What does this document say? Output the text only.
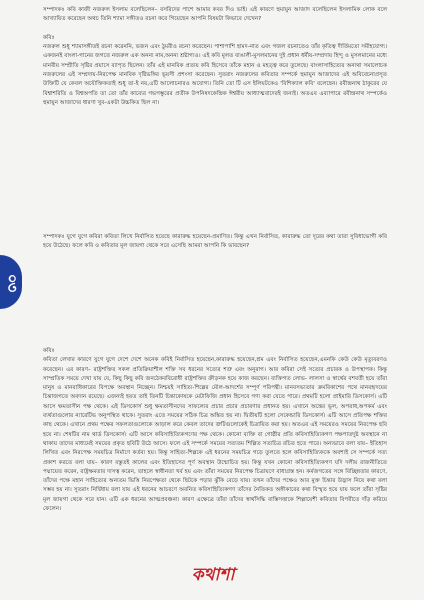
সম্পাদকঃ কবি কাজী নজরুল ইসলাম বলেছিলেন– বসরিদের পাশে আমার কবর দিও ভাই। এই কারণে হুমায়ুন আজাদ বলেছিলেন ইসলামিক লোক বলে আখ্যায়িত করেছেন অথচ তিনি শ্যামা সঙ্গীতও রচনা করে গিয়েছেন আপনি বিষয়টা কিভাবে দেখেন?

কবিঃ

নজরুল শুধু শ্যামাসঙ্গীতই রচনা করেননি, ভজন এবং ঠুমরীও রচনা করেছেন। পাশাপাশি হামদ-নাত এবং গজল রচনাতেও তাঁর কৃতিত্ব দীর্তিমতো সমীহযোগ্য। একজনই বাংলা-গানের জগতে নজরুল এক অনন্য নাম,অনন্য শ্রষ্টাগ্যও। এই কবি মূলত বাঙালী-মুসলমানের দুই প্রধান ধর্মীয়-সম্প্রদায় হিন্দু ও মুসলমানের মধ্যে মানবীয় সম্প্রীতি সৃষ্টির প্রয়াসে ব্যাপৃত ছিলেন। তাঁর এই মানবিক প্রত্যয় কবি হিসেবে তাঁকে মহান ও মহত্ত্ব করে তুলেছে। বাংলাসাহিত্যের অন্যথা সমালোচক নজরুলের এই সম্প্রদায়-নিরপেক্ষ মানবিক দৃষ্টিভঙ্গির ভূয়সী প্রশংসা করেছেন। সুতরাং নজরুলের কবিতার সম্পর্কে হুমায়ুন আজাদের এই অবিবেচনাপ্রসূত উক্তিটি যে কেবল অযৌক্তিকতাই শুধু তা-ই নয়,এটি আলোচনারও অযোগ্য। তিনি তো টি এস ইলিয়টকেও 'বিশিক্যাল কবি' বলেছেন। রবীন্দ্রনাথ ঠাকুরের যে বিশ্বাশরিতি ও বিশ্বঅপতি তা তো তাঁর কাব্যের গভগম্ভুরের প্রতীক উপনিষদকেন্দ্রিক ঈশ্বরীয় আধ্যাত্মবাদেরই জন্যই। অতএব এব্যাপারে রবীন্দ্রনাথ সম্পর্কেও হুমায়ুন আজাদের ধারণা খুব-একটা উচ্চকিত ছিল না।

সম্পাদকঃ যুগে যুগে কবিরা কবিতা লিখে নির্বাসিত হয়েছে কারারুদ্ধ হয়েছেন-প্রমাণিত। কিন্তু এখন নির্বাসিত, কারারুদ্ধ তো দূরের কথা তারা সুবিধাভোগী কবি হয়ে উঠেছে। ফলে কবি ও কবিতার মূল জায়গা থেকে সরে এসেছি আমরা আপনি কি ভাবছেন?

০৩

কবিঃ

কবিতা লেখার কারণে যুগে যুগে দেশে দেশে অনেক কবিই নির্বাসিত হয়েছেন,কারারুদ্ধ হয়েছেন,শ্রম এবং নির্বাসিত হয়েছেন,এমনকি কেউ কেউ মৃত্যুবরণও করেছেন। এর কারণ– রাষ্ট্রশক্তির সকল প্রতিক্রিয়াশীল শক্তি সব ধরনের সত্যের শত্রু এবং অনুরাগ। আর কবিরা সেই সত্যের প্রচারক ও উপস্থাপক। কিন্তু সাম্প্রতিক সময়ে দেখা যায় যে, কিছু কিছু কবি জনঠেকববিরোধী রাষ্ট্রশক্তির ক্রীড়নক হয়ে কাজ করছেন। ব্যক্তিগত লোভ- লালসা ও স্বার্থের বশবর্তী হয়ে তাঁরা মানুষ ও মানবাধিকারের বিপক্ষে অবস্থান নিচ্ছেন। নিশ্চয়ই সাহিত্য-শিল্পের মৌল-আদর্শের সম্পূর্ণ পরিপন্থী। মানবসভ্যতার ক্রমবিকাশের পথে মানবহৃদয়ের চিন্তাজগতে অবদান রয়েছে। এজন্যই হয়ত তাই তিনটি চিন্তাকোষকে মেটাফিজি প্রধান হিসেবে গণ্য করা যেতে পারে। প্রথমটি হলো প্রাইমারি ডিসকোর্স। এটি আসে ক্ষমতাসীন পক্ষ থেকে। এই ডিসকোর্স শুধু ক্ষমতাসীনদের সাফল্যের প্রচার প্রচার প্রচারণার প্রধানত হয়। এখানে অন্ত্রের ভূল, অপরাধ,অপকর্ম এবং ব্যর্থতাগুলোর ন্যারেটিভ অনুপস্থিত থাকে। সুতরাং এতে সময়ের সঠিক চিত্র অঙ্কিত হয় না। দ্বিতীয়টি হলো সেকেন্ডারি ডিসকোর্স। এটি আসে প্রতিপক্ষ শক্তির কাছ থেকে। এখানে প্রথম পক্ষের সফলতাগুলোকে আড়াল করে কেবল তাদের ত্রুটিগুলোকেই চিত্রায়িত করা হয়। অতএব এই সময়েরও সময়ের নিরপেক্ষ ছবি হয়ে না। শেষটির নাম থার্ড ডিসকোর্স। এটি আসে কবিসাহিত্যিকগণের পক্ষ থেকে। কোনো ব্যক্তি বা গোষ্ঠীর প্রতি কবিসাহিত্যিকগণ পক্ষপাতদুষ্ট অবস্থানে না থাকায় তাদের মাধ্যমেই সময়ের প্রকৃত ছবিটি উঠে আসে। ফলে এই সম্পর্কে সময়ের সত্যতম শিল্পিত সত্যচিত্র রচিত হতে পারে। অন্যভাবে বলা যায়– ইতিহাস লিখিত এবং নিরপেক্ষ সময়চিত্র নির্মাণে কর্তব্য হয়। কিন্তু সাহিত্য-শিল্পকে এই ধরনের সময়চিত্র গড়ে তুলতে হলে কবিসাহিত্যিককে অবশ্যই সে সম্পর্কে সত্য প্রকাশ করতে বলা যায়– কারণ বস্তুতই কালের এবং ইতিহাসের পূর্ণ অবস্থান উন্মোচিত হয়। কিন্তু যখন কোনো কবিসাহিত্যিকগণ যদি দলীয় রাজনীতিতে পদ্মায়েত করেন, রাষ্ট্রক্ষমতার দাসত্ব করেন, তাহলে স্বাধীনতা খর্ব হয় এবং তাঁরা সময়ের নিরপেক্ষ চিত্রায়ণে বাধাগ্রস্ত হন। কর্মজগতের সঙ্গে বিচ্ছিন্নতার কারণে, তাঁদের পক্ষে মহান সাহিত্যের অন্যতম ভিত্তি নিরপেক্ষতা থেকে ছিটকে পড়ার ঝুঁকি বেড়ে যায়। তখন তাঁদের পক্ষেও আর মুক্ত চিন্তার উদ্ভাস নিয়ে কথা বলা সম্ভব হয় না। সুতরাং নির্দ্বিধায় বলা যায় এই ধরনের আচরণে অবনিত কবিসাহিত্যিকগণ তাঁদের নৈতিকত অঙ্গীকারের কথা বিস্মৃত হয়ে যায় ফলে তাঁরা সৃষ্টির মূল জায়গা থেকে সরে যান। এটি এক ধরনের আত্মপ্রবঞ্চনা। কারণ এক্ষেত্রে তাঁরা তাঁদের স্বার্থসিদ্ধি বাস্তিসত্তাকে শিল্পায়েশী কবিতার বিপরীতে দাঁড় করিয়ে ফেলেন।

কথাশা
